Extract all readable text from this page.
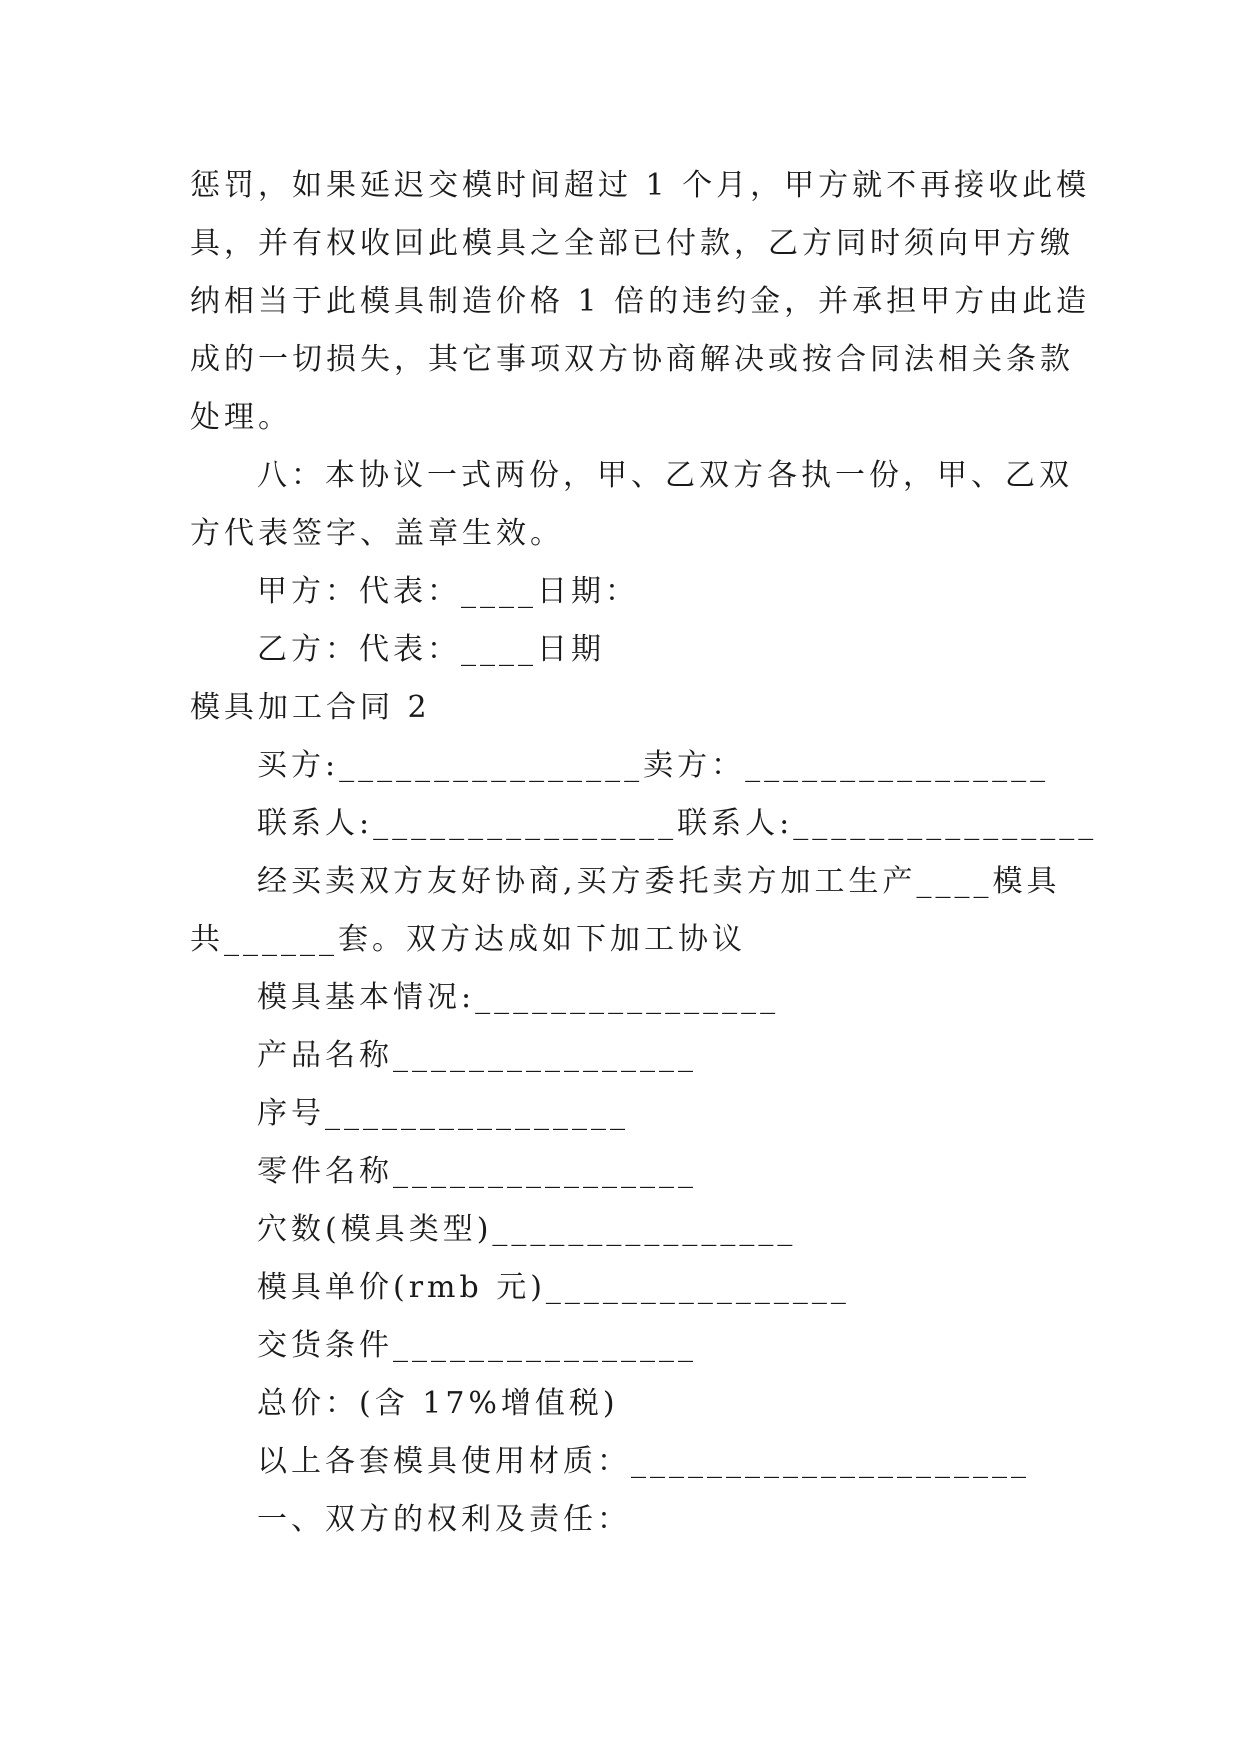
惩罚，如果延迟交模时间超过 1 个月，甲方就不再接收此模
具，并有权收回此模具之全部已付款，乙方同时须向甲方缴
纳相当于此模具制造价格 1 倍的违约金，并承担甲方由此造
成的一切损失，其它事项双方协商解决或按合同法相关条款
处理。
八：本协议一式两份，甲、乙双方各执一份，甲、乙双
方代表签字、盖章生效。
甲方：代表：____日期：
乙方：代表：____日期
模具加工合同 2
买方:________________卖方：________________
联系人:________________联系人:________________
经买卖双方友好协商,买方委托卖方加工生产____模具
共______套。双方达成如下加工协议
模具基本情况:________________
产品名称________________
序号________________
零件名称________________
穴数(模具类型)________________
模具单价(rmb 元)________________
交货条件________________
总价：(含 17%增值税)
以上各套模具使用材质：_____________________
一、双方的权利及责任：
